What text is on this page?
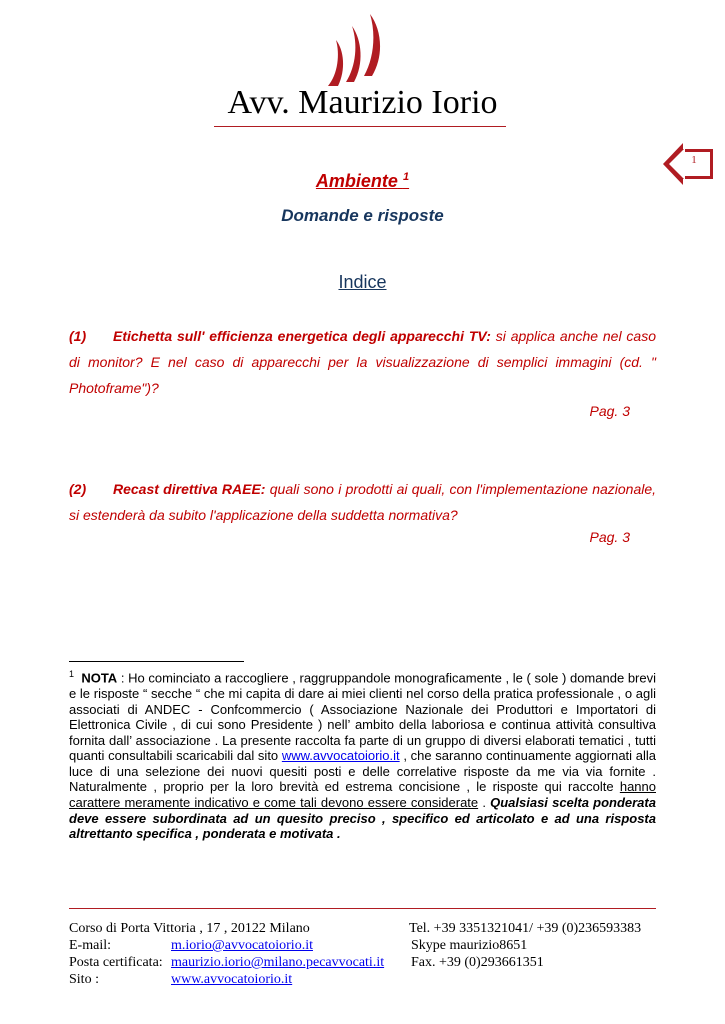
Avv. Maurizio Iorio
1
Ambiente $^1$
Domande e risposte
Indice
(1) Etichetta sull' efficienza energetica degli apparecchi TV: si applica anche nel caso di monitor? E nel caso di apparecchi per la visualizzazione di semplici immagini (cd. " Photoframe")?
Pag. 3
(2) Recast direttiva RAEE: quali sono i prodotti ai quali, con l'implementazione nazionale, si estenderà da subito l'applicazione della suddetta normativa?
Pag. 3
$^1$ NOTA : Ho cominciato a raccogliere , raggruppandole monograficamente , le ( sole ) domande brevi e le risposte “ secche “ che mi capita di dare ai miei clienti nel corso della pratica professionale , o agli associati di ANDEC - Confcommercio ( Associazione Nazionale dei Produttori e Importatori di Elettronica Civile , di cui sono Presidente ) nell’ ambito della laboriosa e continua attività consultiva fornita dall’ associazione . La presente raccolta fa parte di un gruppo di diversi elaborati tematici , tutti quanti consultabili scaricabili dal sito www.avvocatoiorio.it , che saranno continuamente aggiornati alla luce di una selezione dei nuovi quesiti posti e delle correlative risposte da me via via fornite . Naturalmente , proprio per la loro brevità ed estrema concisione , le risposte qui raccolte hanno carattere meramente indicativo e come tali devono essere considerate . Qualsiasi scelta ponderata deve essere subordinata ad un quesito preciso , specifico ed articolato e ad una risposta altrettanto specifica , ponderata e motivata .
Corso di Porta Vittoria , 17 , 20122 Milano	Tel. +39 3351321041/ +39 (0)236593383
E-mail:	m.iorio@avvocatoiorio.it	Skype maurizio8651
Posta certificata: maurizio.iorio@milano.pecavvocati.it Fax. +39 (0)293661351
Sito :	www.avvocatoiorio.it
